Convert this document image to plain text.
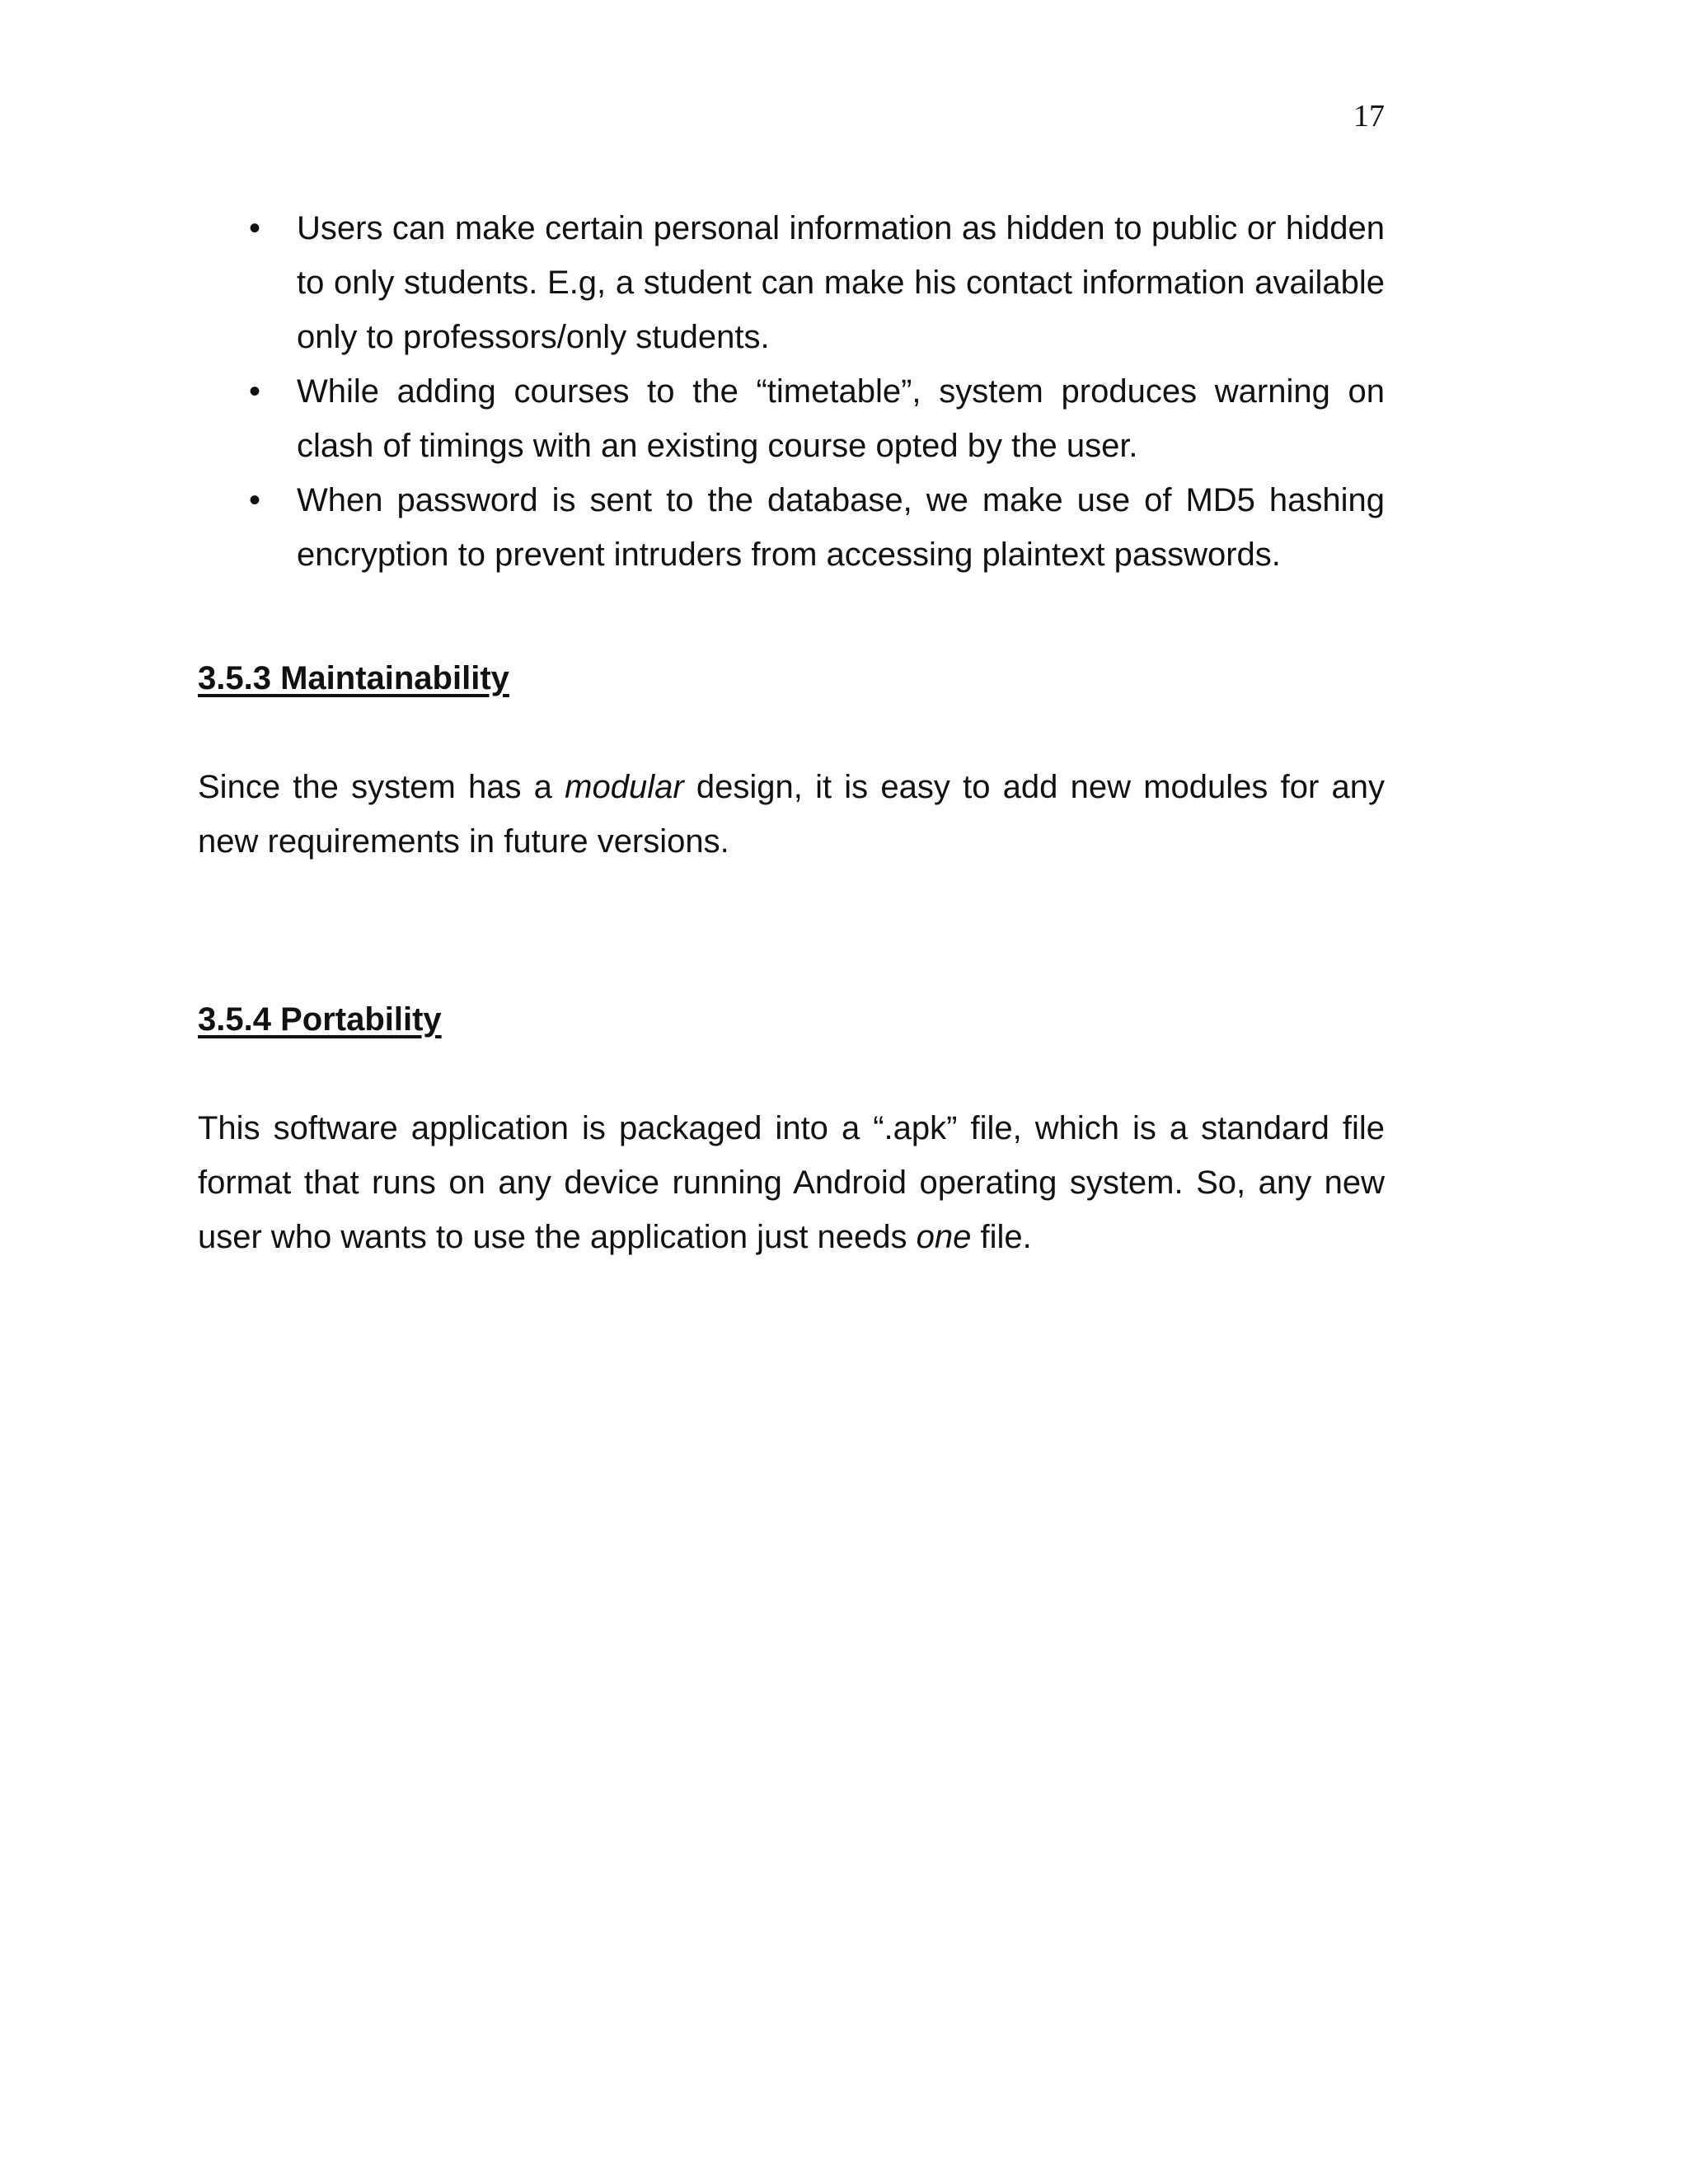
17
• Users can make certain personal information as hidden to public or hidden to only students. E.g, a student can make his contact information available only to professors/only students.
• While adding courses to the “timetable”, system produces warning on clash of timings with an existing course opted by the user.
• When password is sent to the database, we make use of MD5 hashing encryption to prevent intruders from accessing plaintext passwords.
3.5.3 Maintainability

Since the system has a modular design, it is easy to add new modules for any new requirements in future versions.

3.5.4 Portability

This software application is packaged into a “.apk” file, which is a standard file format that runs on any device running Android operating system. So, any new user who wants to use the application just needs one file.
